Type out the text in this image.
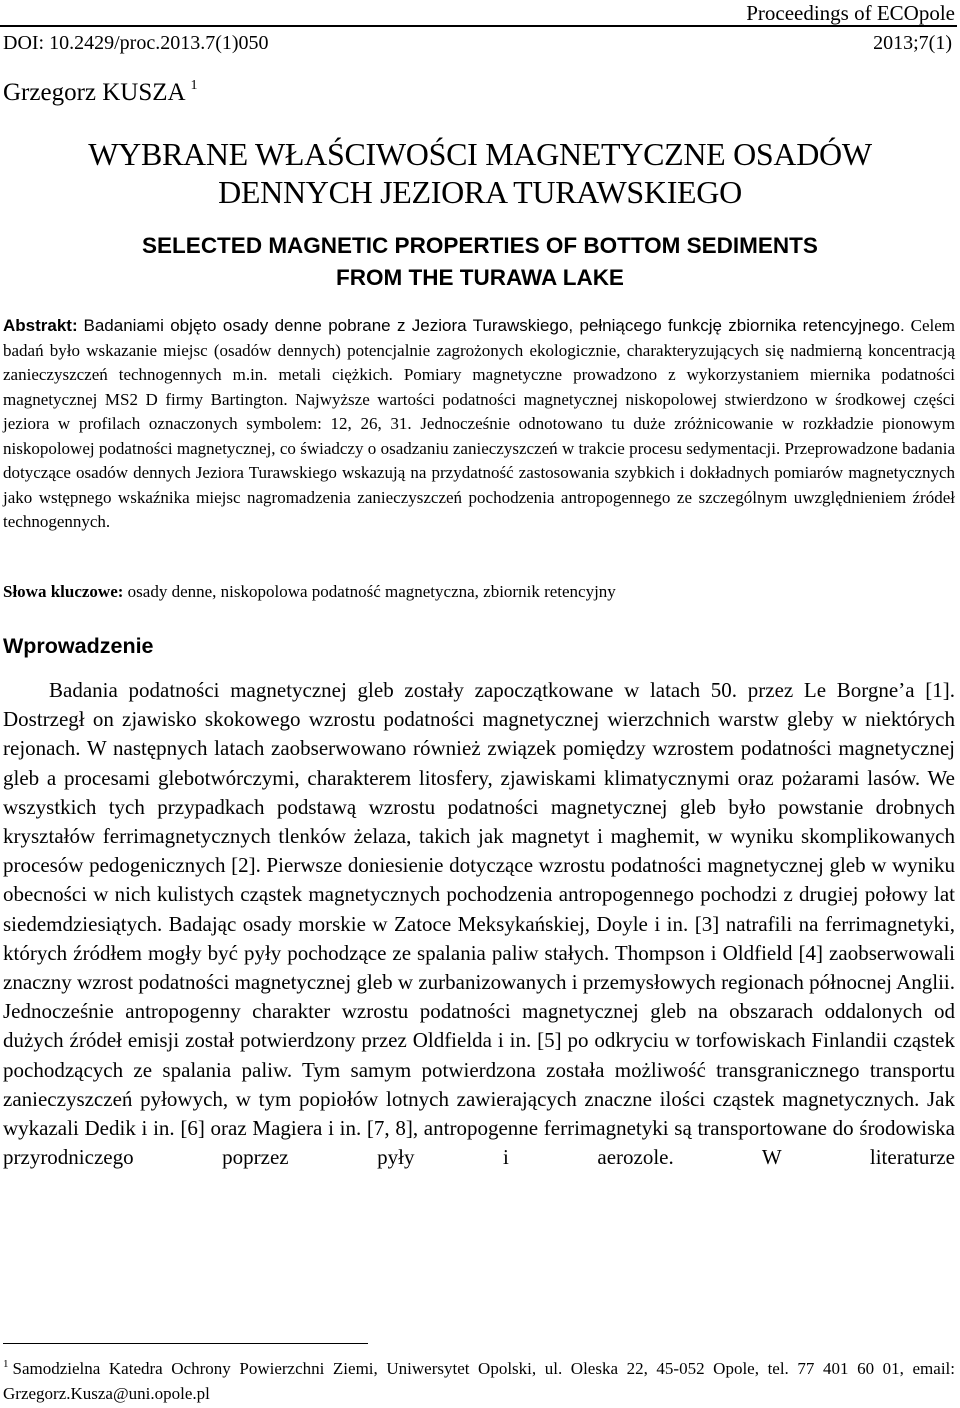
Proceedings of ECOpole
DOI: 10.2429/proc.2013.7(1)050	2013;7(1)
Grzegorz KUSZA $^1$
WYBRANE WŁAŚCIWOŚCI MAGNETYCZNE OSADÓW
DENNYCH JEZIORA TURAWSKIEGO
SELECTED MAGNETIC PROPERTIES OF BOTTOM SEDIMENTS
FROM THE TURAWA LAKE
Abstrakt: Badaniami objęto osady denne pobrane z Jeziora Turawskiego, pełniącego funkcję zbiornika retencyjnego. Celem badań było wskazanie miejsc (osadów dennych) potencjalnie zagrożonych ekologicznie, charakteryzujących się nadmierną koncentracją zanieczyszczeń technogennych m.in. metali ciężkich. Pomiary magnetyczne prowadzono z wykorzystaniem miernika podatności magnetycznej MS2 D firmy Bartington. Najwyższe wartości podatności magnetycznej niskopolowej stwierdzono w środkowej części jeziora w profilach oznaczonych symbolem: 12, 26, 31. Jednocześnie odnotowano tu duże zróżnicowanie w rozkładzie pionowym niskopolowej podatności magnetycznej, co świadczy o osadzaniu zanieczyszczeń w trakcie procesu sedymentacji. Przeprowadzone badania dotyczące osadów dennych Jeziora Turawskiego wskazują na przydatność zastosowania szybkich i dokładnych pomiarów magnetycznych jako wstępnego wskaźnika miejsc nagromadzenia zanieczyszczeń pochodzenia antropogennego ze szczególnym uwzględnieniem źródeł technogennych.
Słowa kluczowe: osady denne, niskopolowa podatność magnetyczna, zbiornik retencyjny
Wprowadzenie
Badania podatności magnetycznej gleb zostały zapoczątkowane w latach 50. przez Le Borgne’a [1]. Dostrzegł on zjawisko skokowego wzrostu podatności magnetycznej wierzchnich warstw gleby w niektórych rejonach. W następnych latach zaobserwowano również związek pomiędzy wzrostem podatności magnetycznej gleb a procesami glebotwórczymi, charakterem litosfery, zjawiskami klimatycznymi oraz pożarami lasów. We wszystkich tych przypadkach podstawą wzrostu podatności magnetycznej gleb było powstanie drobnych kryształów ferrimagnetycznych tlenków żelaza, takich jak magnetyt i maghemit, w wyniku skomplikowanych procesów pedogenicznych [2]. Pierwsze doniesienie dotyczące wzrostu podatności magnetycznej gleb w wyniku obecności w nich kulistych cząstek magnetycznych pochodzenia antropogennego pochodzi z drugiej połowy lat siedemdziesiątych. Badając osady morskie w Zatoce Meksykańskiej, Doyle i in. [3] natrafili na ferrimagnetyki, których źródłem mogły być pyły pochodzące ze spalania paliw stałych. Thompson i Oldfield [4] zaobserwowali znaczny wzrost podatności magnetycznej gleb w zurbanizowanych i przemysłowych regionach północnej Anglii. Jednocześnie antropogenny charakter wzrostu podatności magnetycznej gleb na obszarach oddalonych od dużych źródeł emisji został potwierdzony przez Oldfielda i in. [5] po odkryciu w torfowiskach Finlandii cząstek pochodzących ze spalania paliw. Tym samym potwierdzona została możliwość transgranicznego transportu zanieczyszczeń pyłowych, w tym popiołów lotnych zawierających znaczne ilości cząstek magnetycznych. Jak wykazali Dedik i in. [6] oraz Magiera i in. [7, 8], antropogenne ferrimagnetyki są transportowane do środowiska przyrodniczego poprzez pyły i aerozole. W literaturze
$^1$ Samodzielna Katedra Ochrony Powierzchni Ziemi, Uniwersytet Opolski, ul. Oleska 22, 45-052 Opole, tel. 77 401 60 01, email: Grzegorz.Kusza@uni.opole.pl
